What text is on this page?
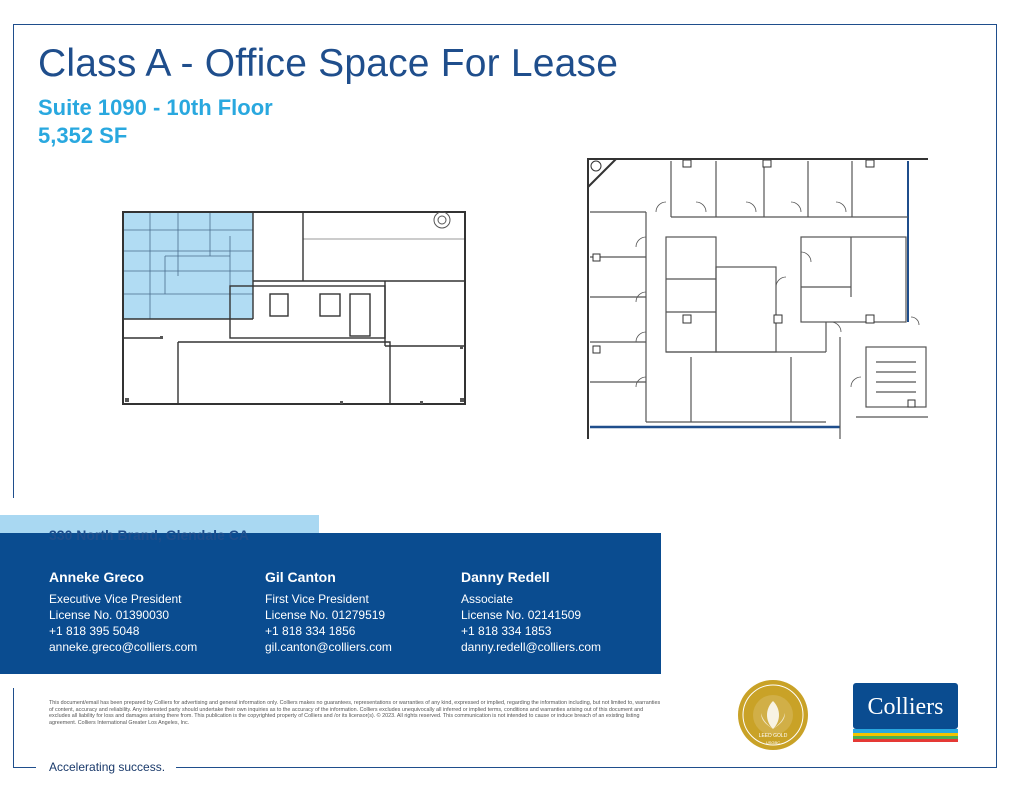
Class A - Office Space For Lease
Suite 1090 - 10th Floor
5,352 SF
330 North Brand, Glendale CA
Anneke Greco
Executive Vice President
License No. 01390030
+1 818 395 5048
anneke.greco@colliers.com
Gil Canton
First Vice President
License No. 01279519
+1 818 334 1856
gil.canton@colliers.com
Danny Redell
Associate
License No. 02141509
+1 818 334 1853
danny.redell@colliers.com
This document/email has been prepared by Colliers for advertising and general information only. Colliers makes no guarantees, representations or warranties of any kind, expressed or implied, regarding the information including, but not limited to, warranties of content, accuracy and reliability. Any interested party should undertake their own inquiries as to the accuracy of the information. Colliers excludes unequivocally all inferred or implied terms, conditions and warranties arising out of this document and excludes all liability for loss and damages arising there from. This publication is the copyrighted property of Colliers and /or its licensor(s). © 2023. All rights reserved. This communication is not intended to cause or induce breach of an existing listing agreement. Colliers International Greater Los Angeles, Inc.
LEED GOLD
USGBC
Colliers
Accelerating success.
